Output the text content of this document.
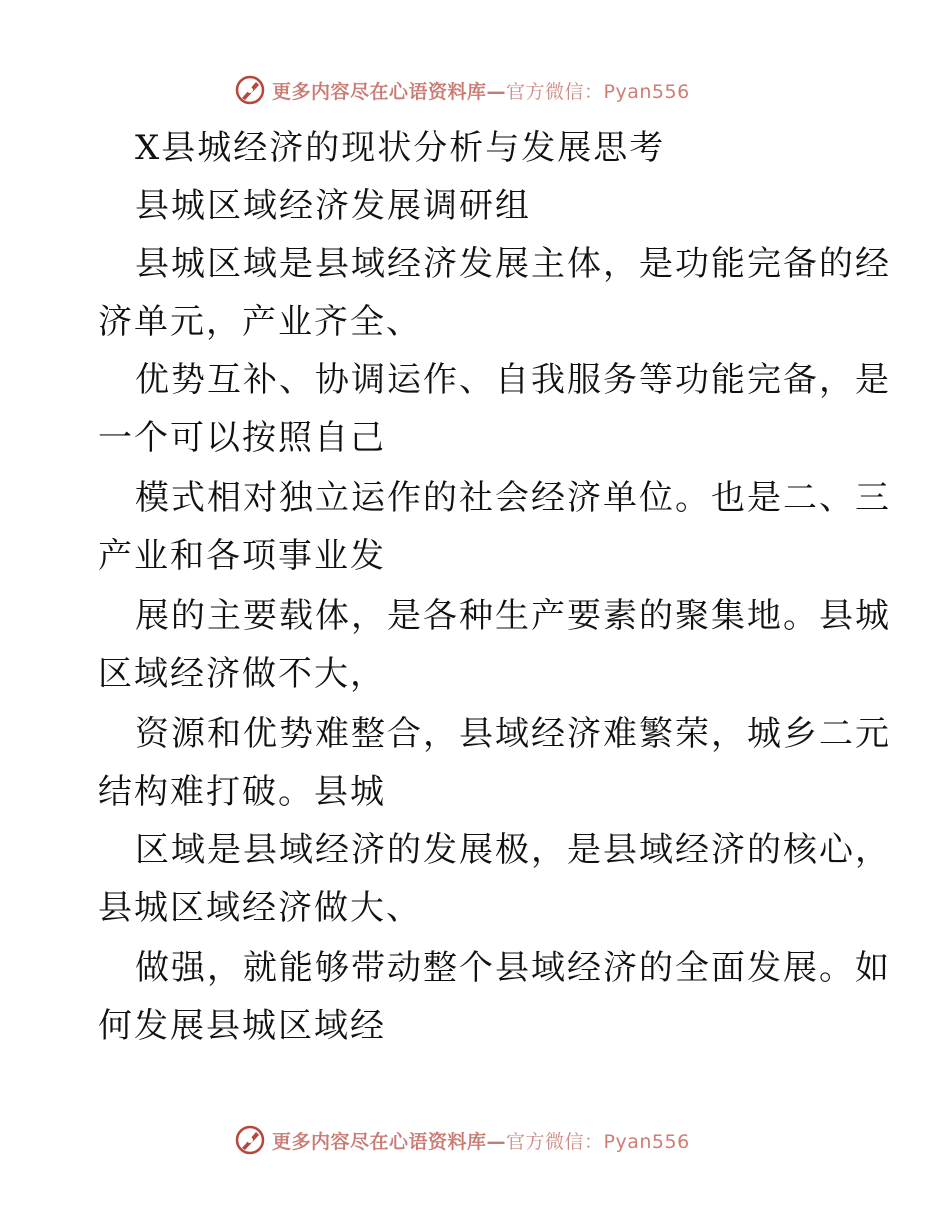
更多内容尽在心语资料库—官方微信：Pyan556
X县城经济的现状分析与发展思考
县城区域经济发展调研组
县城区域是县域经济发展主体，是功能完备的经
济单元，产业齐全、
优势互补、协调运作、自我服务等功能完备，是
一个可以按照自己
模式相对独立运作的社会经济单位。也是二、三
产业和各项事业发
展的主要载体，是各种生产要素的聚集地。县城
区域经济做不大，
资源和优势难整合，县域经济难繁荣，城乡二元
结构难打破。县城
区域是县域经济的发展极，是县域经济的核心，
县城区域经济做大、
做强，就能够带动整个县域经济的全面发展。如
何发展县城区域经
更多内容尽在心语资料库—官方微信：Pyan556
